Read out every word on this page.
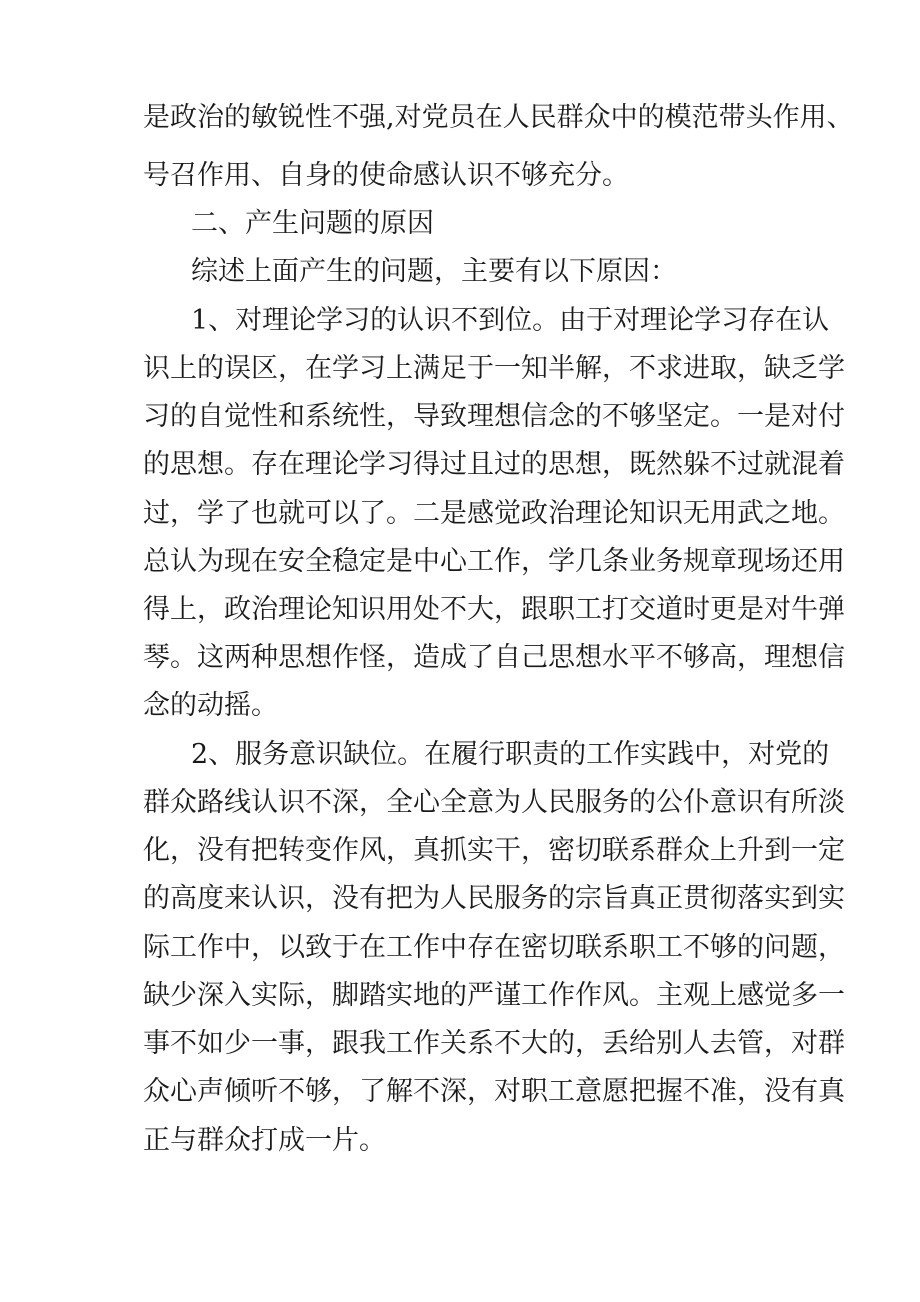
是政治的敏锐性不强,对党员在人民群众中的模范带头作用、
号召作用、自身的使命感认识不够充分。
二、产生问题的原因
综述上面产生的问题，主要有以下原因：
1、对理论学习的认识不到位。由于对理论学习存在认
识上的误区，在学习上满足于一知半解，不求进取，缺乏学
习的自觉性和系统性，导致理想信念的不够坚定。一是对付
的思想。存在理论学习得过且过的思想，既然躲不过就混着
过，学了也就可以了。二是感觉政治理论知识无用武之地。
总认为现在安全稳定是中心工作，学几条业务规章现场还用
得上，政治理论知识用处不大，跟职工打交道时更是对牛弹
琴。这两种思想作怪，造成了自己思想水平不够高，理想信
念的动摇。
2、服务意识缺位。在履行职责的工作实践中，对党的
群众路线认识不深，全心全意为人民服务的公仆意识有所淡
化，没有把转变作风，真抓实干，密切联系群众上升到一定
的高度来认识，没有把为人民服务的宗旨真正贯彻落实到实
际工作中，以致于在工作中存在密切联系职工不够的问题，
缺少深入实际，脚踏实地的严谨工作作风。主观上感觉多一
事不如少一事，跟我工作关系不大的，丢给别人去管，对群
众心声倾听不够，了解不深，对职工意愿把握不准，没有真
正与群众打成一片。
